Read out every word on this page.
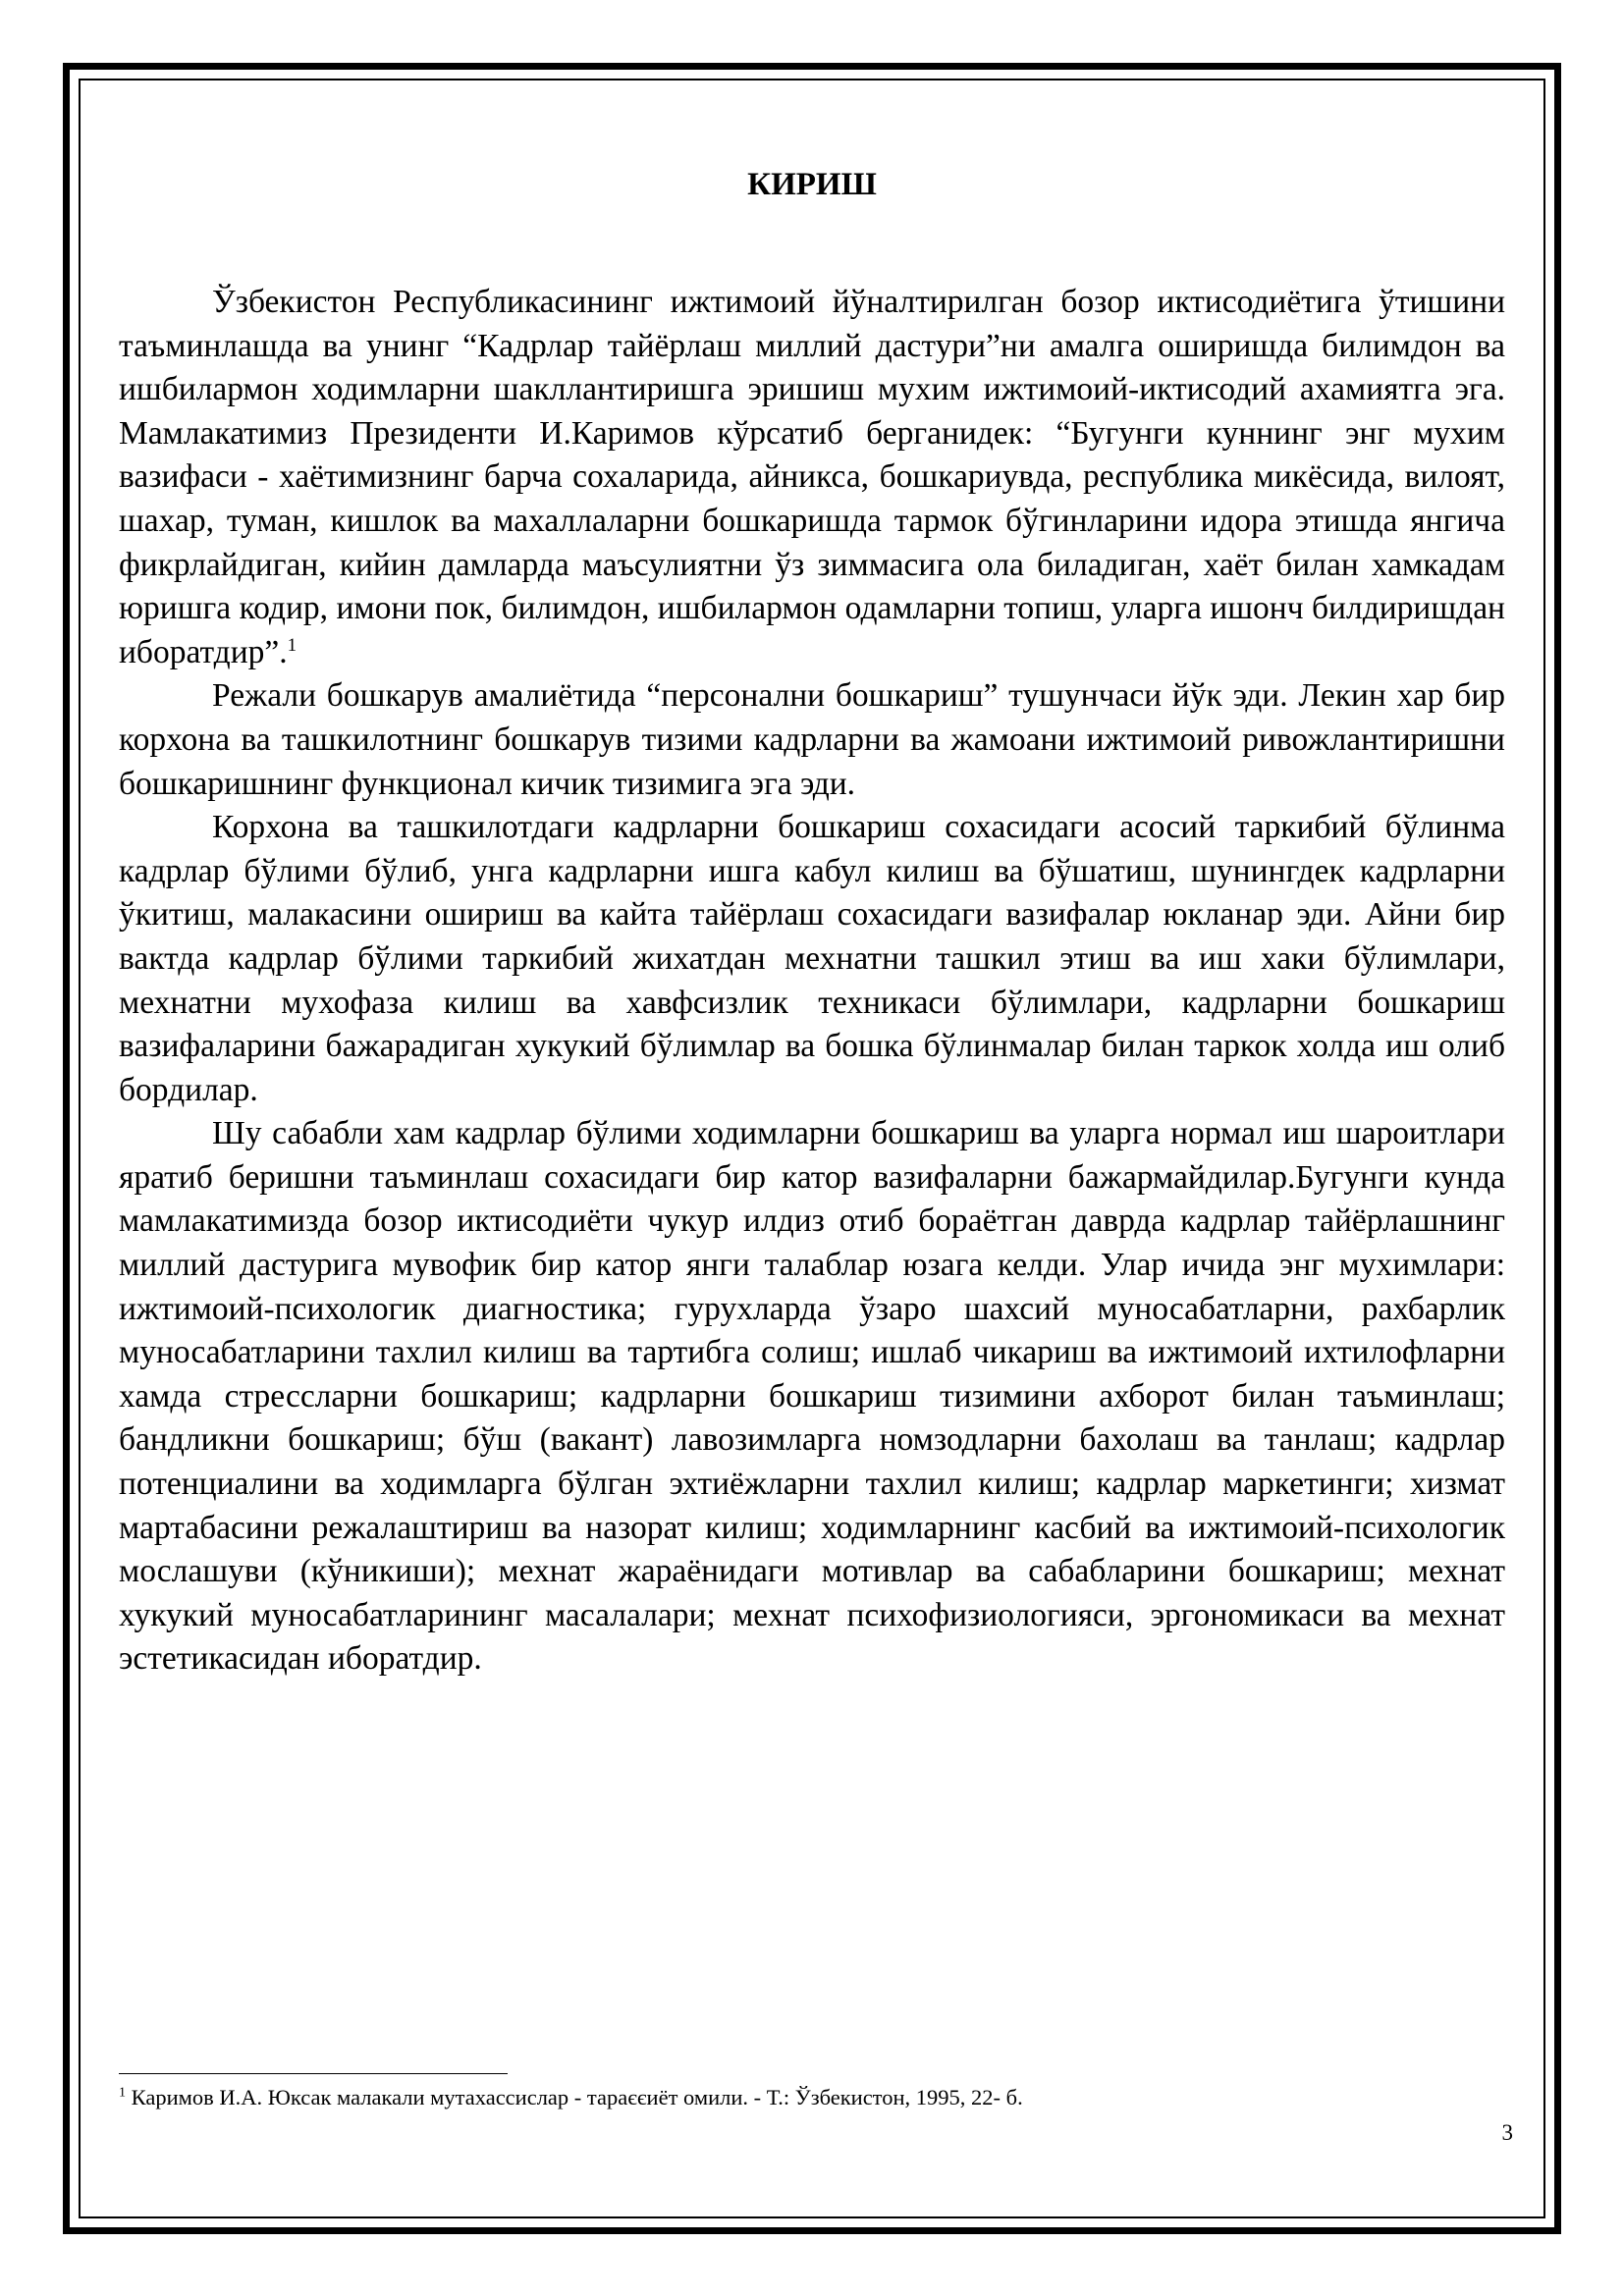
КИРИШ

Ўзбекистон Республикасининг ижтимоий йўналтирилган бозор иктисодиётига ўтишини таъминлашда ва унинг “Кадрлар тайёрлаш миллий дастури”ни амалга оширишда билимдон ва ишбилармон ходимларни шакллантиришга эришиш мухим ижтимоий-иктисодий ахамиятга эга. Мамлакатимиз Президенти И.Каримов кўрсатиб берганидек: “Бугунги куннинг энг мухим вазифаси - хаётимизнинг барча сохаларида, айникса, бошкариувда, республика микёсида, вилоят, шахар, туман, кишлок ва махаллаларни бошкаришда тармок бўгинларини идора этишда янгича фикрлайдиган, кийин дамларда маъсулиятни ўз зиммасига ола биладиган, хаёт билан хамкадам юришга кодир, имони пок, билимдон, ишбилармон одамларни топиш, уларга ишонч билдиришдан иборатдир”.$^1$

Режали бошкарув амалиётида “персонални бошкариш” тушунчаси йўк эди. Лекин хар бир корхона ва ташкилотнинг бошкарув тизими кадрларни ва жамоани ижтимоий ривожлантиришни бошкаришнинг функционал кичик тизимига эга эди.

Корхона ва ташкилотдаги кадрларни бошкариш сохасидаги асосий таркибий бўлинма кадрлар бўлими бўлиб, унга кадрларни ишга кабул килиш ва бўшатиш, шунингдек кадрларни ўкитиш, малакасини ошириш ва кайта тайёрлаш сохасидаги вазифалар юкланар эди. Айни бир вактда кадрлар бўлими таркибий жихатдан мехнатни ташкил этиш ва иш хаки бўлимлари, мехнатни мухофаза килиш ва хавфсизлик техникаси бўлимлари, кадрларни бошкариш вазифаларини бажарадиган хукукий бўлимлар ва бошка бўлинмалар билан таркок холда иш олиб бордилар.

Шу сабабли хам кадрлар бўлими ходимларни бошкариш ва уларга нормал иш шароитлари яратиб беришни таъминлаш сохасидаги бир катор вазифаларни бажармайдилар.Бугунги кунда мамлакатимизда бозор иктисодиёти чукур илдиз отиб бораётган даврда кадрлар тайёрлашнинг миллий дастурига мувофик бир катор янги талаблар юзага келди. Улар ичида энг мухимлари: ижтимоий-психологик диагностика; гурухларда ўзаро шахсий муносабатларни, рахбарлик муносабатларини тахлил килиш ва тартибга солиш; ишлаб чикариш ва ижтимоий ихтилофларни хамда стрессларни бошкариш; кадрларни бошкариш тизимини ахборот билан таъминлаш; бандликни бошкариш; бўш (вакант) лавозимларга номзодларни бахолаш ва танлаш; кадрлар потенциалини ва ходимларга бўлган эхтиёжларни тахлил килиш; кадрлар маркетинги; хизмат мартабасини режалаштириш ва назорат килиш; ходимларнинг касбий ва ижтимоий-психологик мослашуви (кўникиши); мехнат жараёнидаги мотивлар ва сабабларини бошкариш; мехнат хукукий муносабатларининг масалалари; мехнат психофизиологияси, эргономикаси ва мехнат эстетикасидан иборатдир.

$^1$ Каримов И.А. Юксак малакали мутахассислар - тараєєиёт омили. - Т.: Ўзбекистон, 1995, 22- б.
3
